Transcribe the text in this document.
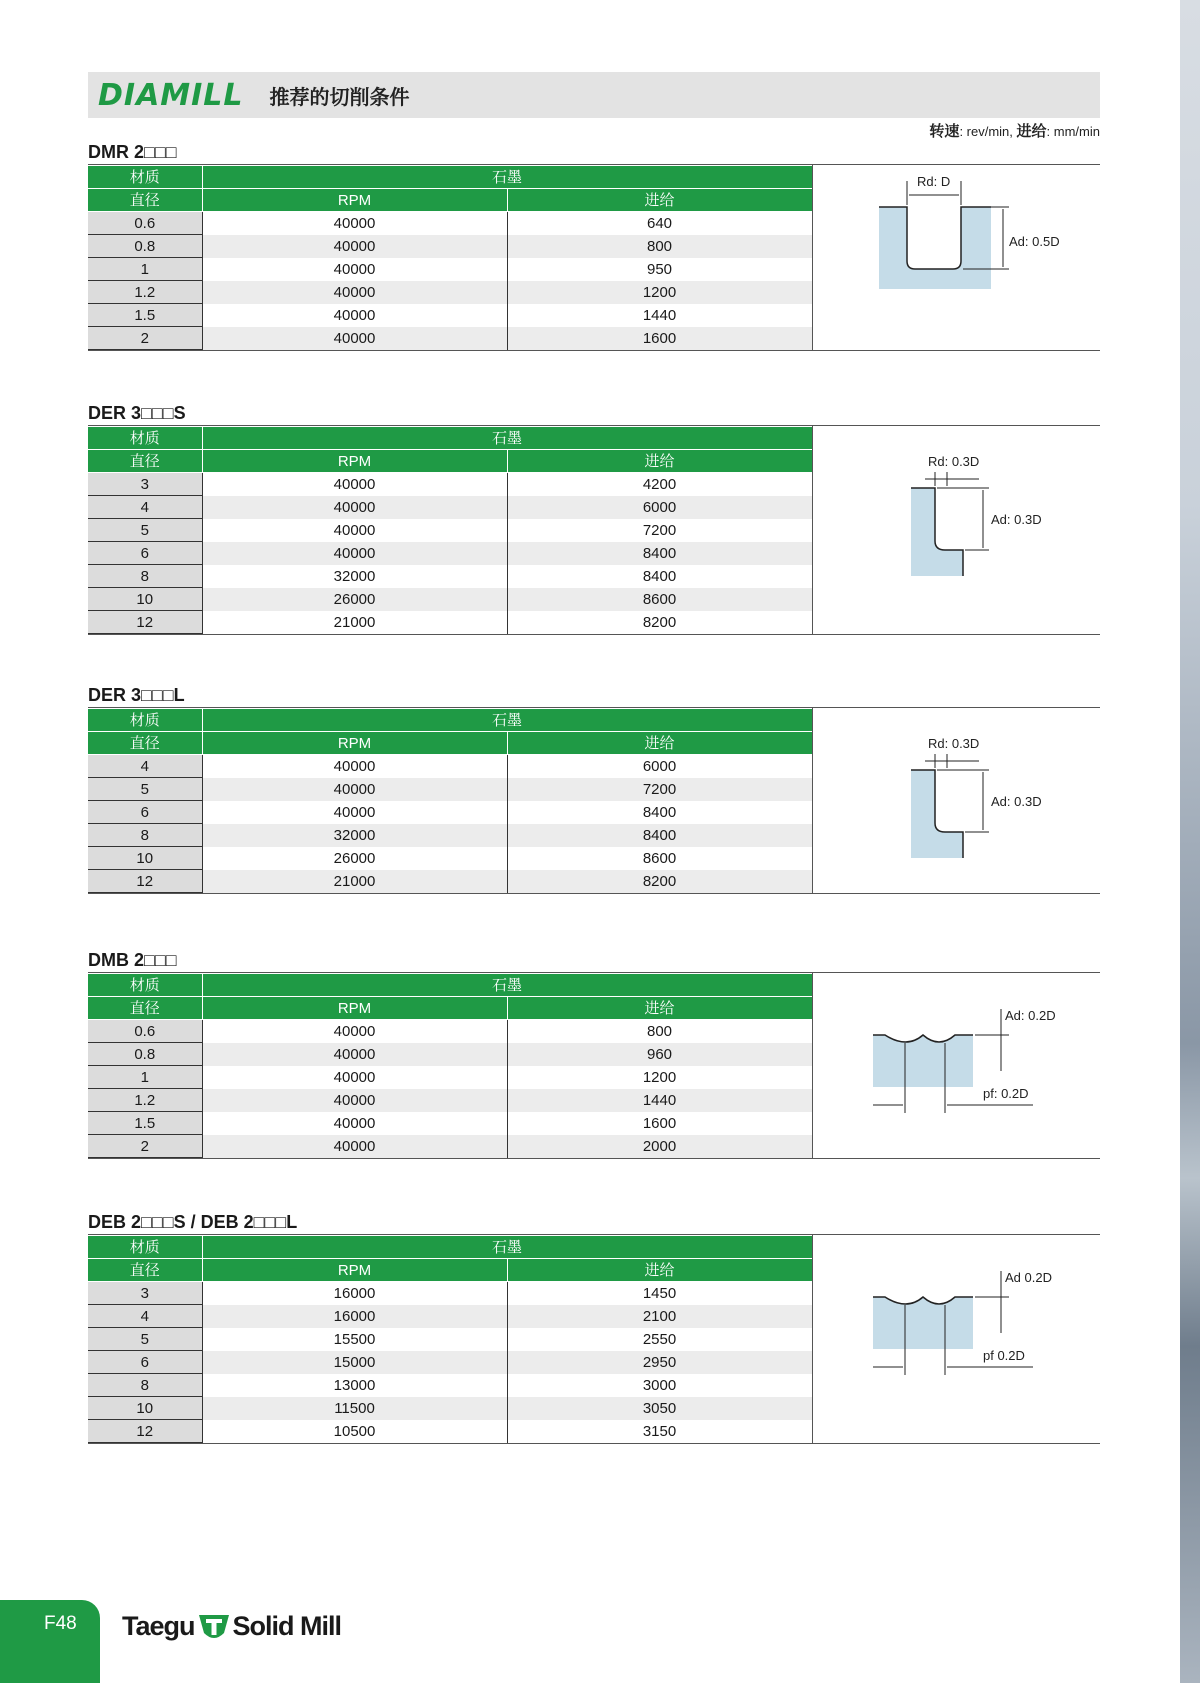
DIAMILL 推荐的切削条件
转速: rev/min, 进给: mm/min
DMR 2□□□
材质	石墨	
直径	RPM	进给
0.6	40000	640
0.8	40000	800
1	40000	950
1.2	40000	1200
1.5	40000	1440
2	40000	1600
Rd: D
Ad: 0.5D
DER 3□□□S
材质	石墨	
直径	RPM	进给
3	40000	4200
4	40000	6000
5	40000	7200
6	40000	8400
8	32000	8400
10	26000	8600
12	21000	8200
Rd: 0.3D
Ad: 0.3D
DER 3□□□L
材质	石墨	
直径	RPM	进给
4	40000	6000
5	40000	7200
6	40000	8400
8	32000	8400
10	26000	8600
12	21000	8200
Rd: 0.3D
Ad: 0.3D
DMB 2□□□
材质	石墨	
直径	RPM	进给
0.6	40000	800
0.8	40000	960
1	40000	1200
1.2	40000	1440
1.5	40000	1600
2	40000	2000
Ad: 0.2D
pf: 0.2D
DEB 2□□□S / DEB 2□□□L
材质	石墨	
直径	RPM	进给
3	16000	1450
4	16000	2100
5	15500	2550
6	15000	2950
8	13000	3000
10	11500	3050
12	10500	3150
Ad 0.2D
pf 0.2D
F48 Taegu Solid Mill
